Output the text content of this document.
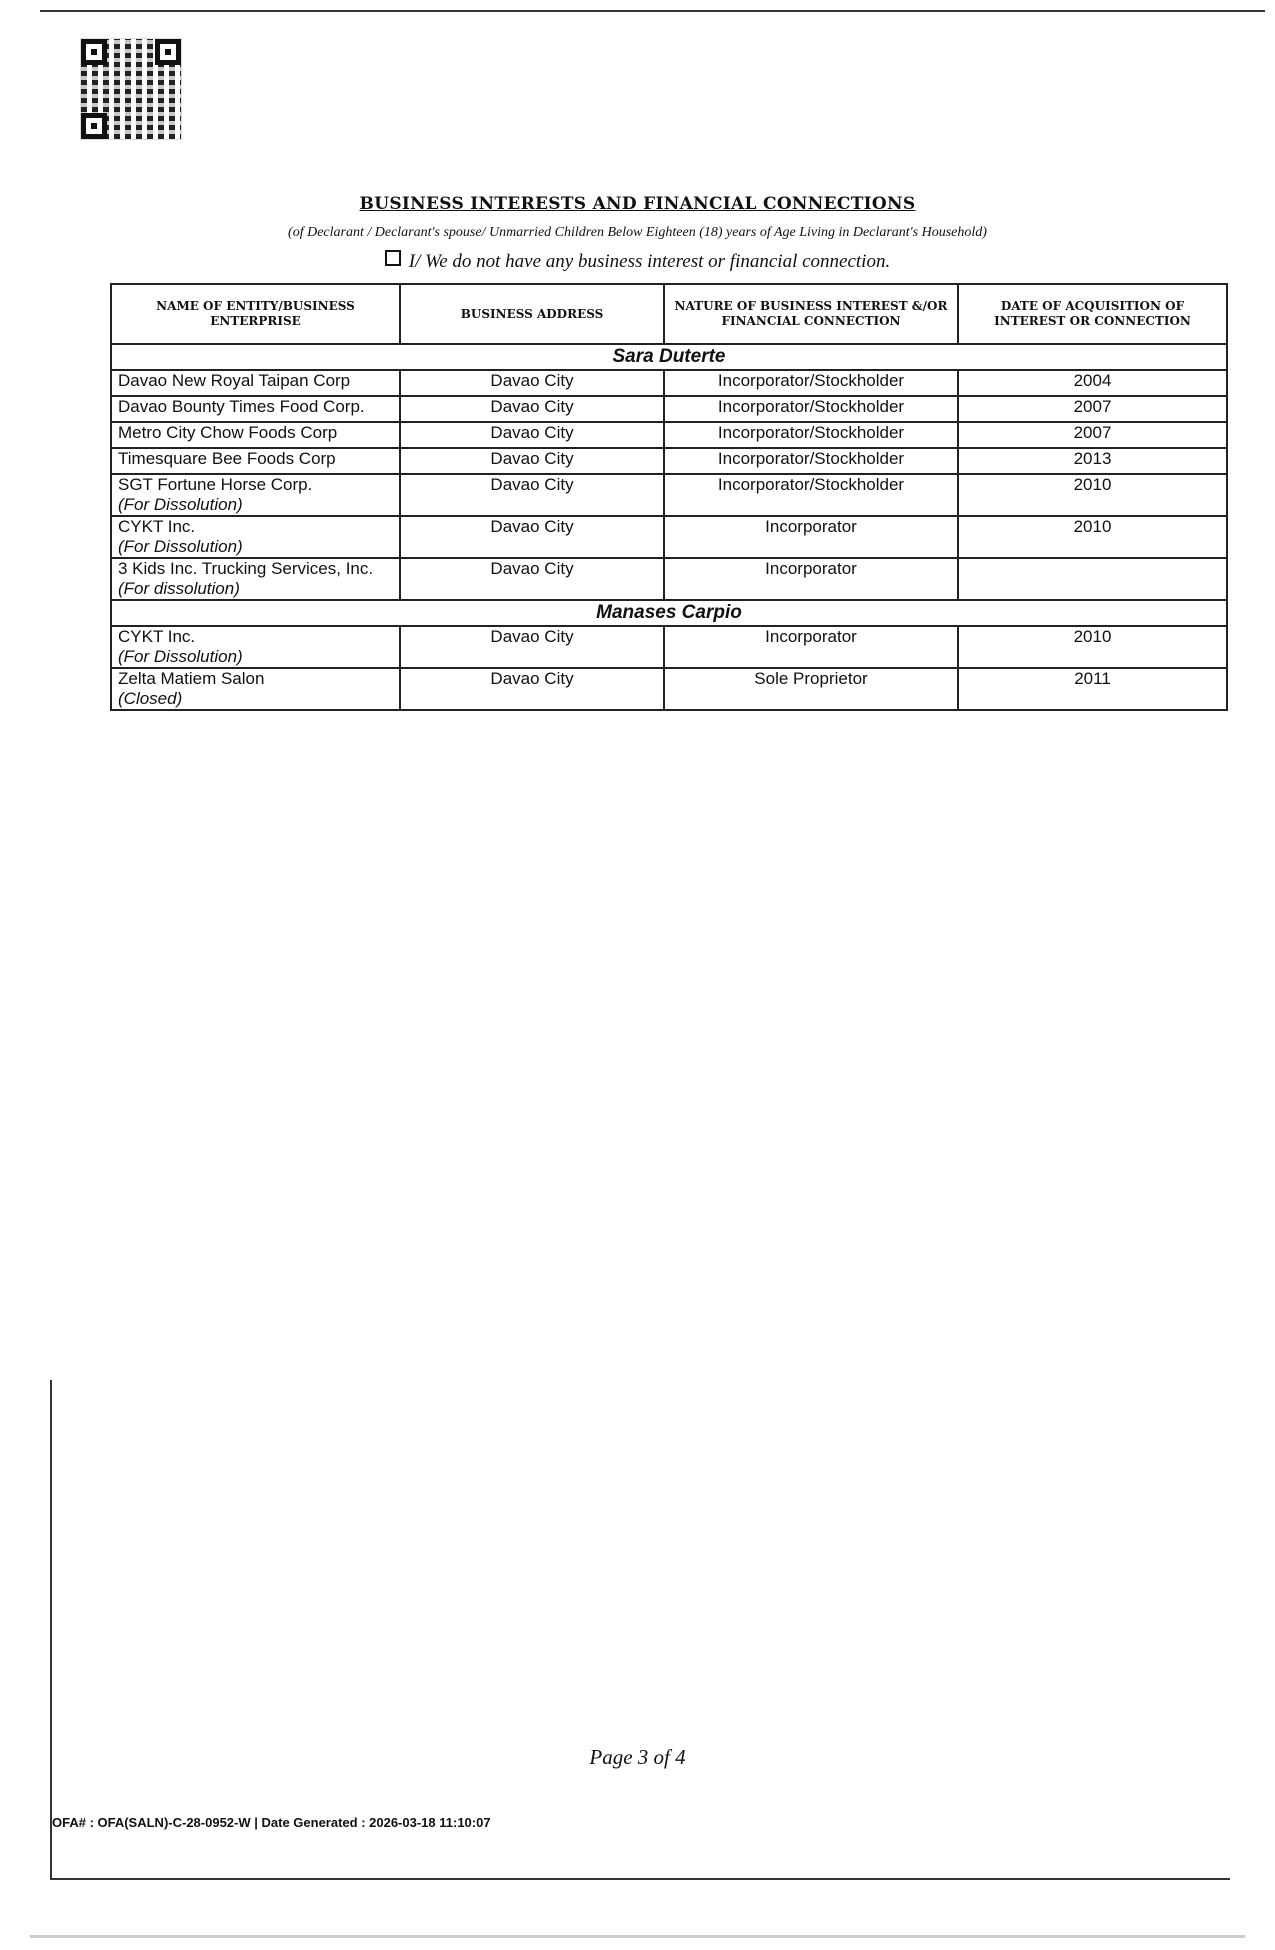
BUSINESS INTERESTS AND FINANCIAL CONNECTIONS
(of Declarant / Declarant's spouse/ Unmarried Children Below Eighteen (18) years of Age Living in Declarant's Household)
I/ We do not have any business interest or financial connection.
NAME OF ENTITY/BUSINESS ENTERPRISE	BUSINESS ADDRESS	NATURE OF BUSINESS INTEREST &/OR FINANCIAL CONNECTION	DATE OF ACQUISITION OF INTEREST OR CONNECTION
Sara Duterte			
Davao New Royal Taipan Corp	Davao City	Incorporator/Stockholder	2004
Davao Bounty Times Food Corp.	Davao City	Incorporator/Stockholder	2007
Metro City Chow Foods Corp	Davao City	Incorporator/Stockholder	2007
Timesquare Bee Foods Corp	Davao City	Incorporator/Stockholder	2013
SGT Fortune Horse Corp.
(For Dissolution)	Davao City	Incorporator/Stockholder	2010
CYKT Inc.
(For Dissolution)	Davao City	Incorporator	2010
3 Kids Inc. Trucking Services, Inc.
(For dissolution)	Davao City	Incorporator	
Manases Carpio			
CYKT Inc.
(For Dissolution)	Davao City	Incorporator	2010
Zelta Matiem Salon
(Closed)	Davao City	Sole Proprietor	2011
Page 3 of 4
OFA# : OFA(SALN)-C-28-0952-W | Date Generated : 2026-03-18 11:10:07
